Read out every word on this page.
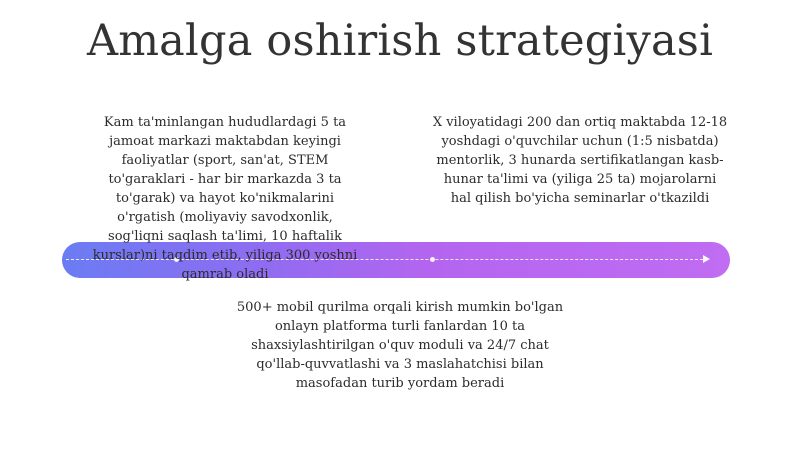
Amalga oshirish strategiyasi
Kam ta'minlangan hududlardagi 5 ta
jamoat markazi maktabdan keyingi
faoliyatlar (sport, san'at, STEM
to'garaklari - har bir markazda 3 ta
to'garak) va hayot ko'nikmalarini
o'rgatish (moliyaviy savodxonlik,
sog'liqni saqlash ta'limi, 10 haftalik
kurslar)ni taqdim etib, yiliga 300 yoshni
qamrab oladi
X viloyatidagi 200 dan ortiq maktabda 12-18
yoshdagi o'quvchilar uchun (1:5 nisbatda)
mentorlik, 3 hunarda sertifikatlangan kasb-
hunar ta'limi va (yiliga 25 ta) mojarolarni
hal qilish bo'yicha seminarlar o'tkazildi
500+ mobil qurilma orqali kirish mumkin bo'lgan
onlayn platforma turli fanlardan 10 ta
shaxsiylashtirilgan o'quv moduli va 24/7 chat
qo'llab-quvvatlashi va 3 maslahatchisi bilan
masofadan turib yordam beradi
